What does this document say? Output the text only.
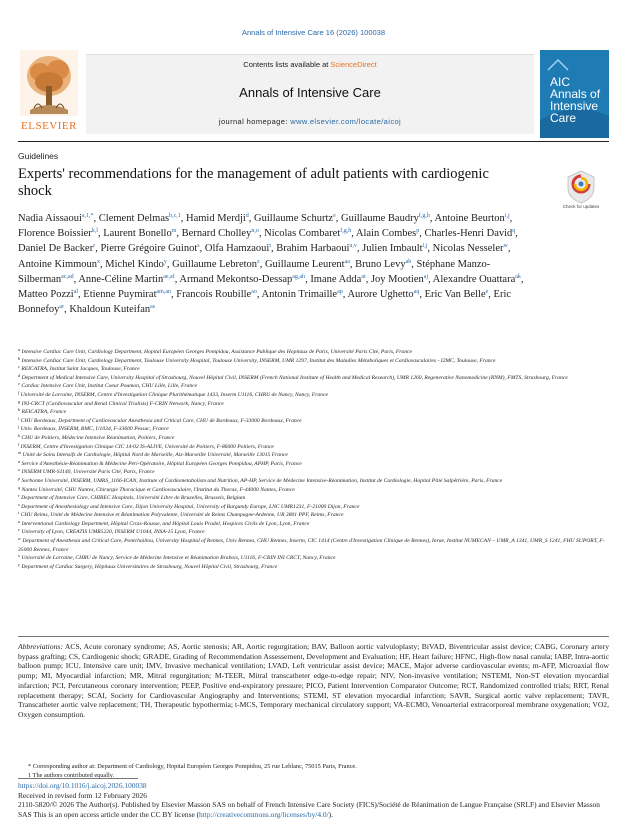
Annals of Intensive Care 16 (2026) 100038
ELSEVIER
Contents lists available at ScienceDirect
Annals of Intensive Care
journal homepage: www.elsevier.com/locate/aicoj
AIC
Annals of
Intensive
Care
Guidelines
Experts' recommendations for the management of adult patients with cardiogenic shock
Check for updates
Nadia Aissaoui$^{a,1,*}$, Clement Delmas$^{b,c,1}$, Hamid Merdji$^d$, Guillaume Schurtz$^e$, Guillaume Baudry$^{f,g,h}$, Antoine Beurton$^{i,j}$, Florence Boissier$^{k,l}$, Laurent Bonello$^m$, Bernard Cholley$^{n,o}$, Nicolas Combaret$^{f,g,h}$, Alain Combes$^p$, Charles-Henri David$^q$, Daniel De Backer$^r$, Pierre Grégoire Guinot$^s$, Olfa Hamzaoui$^t$, Brahim Harbaoui$^{u,v}$, Julien Imbault$^{i,j}$, Nicolas Nesseler$^w$, Antoine Kimmoun$^x$, Michel Kindo$^y$, Guillaume Lebreton$^z$, Guillaume Leurent$^{aa}$, Bruno Levy$^{ab}$, Stéphane Manzo-Silberman$^{ac,ad}$, Anne-Céline Martin$^{ae,af}$, Armand Mekontso-Dessap$^{ag,ah}$, Imane Adda$^{ai}$, Joy Mootien$^{aj}$, Alexandre Ouattara$^{ak}$, Matteo Pozzi$^{al}$, Etienne Puymirat$^{am,an}$, Francois Roubille$^{ao}$, Antonin Trimaille$^{ap}$, Aurore Ughetto$^{aq}$, Eric Van Belle$^e$, Eric Bonnefoy$^{ar}$, Khaldoun Kuteifan$^{as}$
$^a$ Intensive Cardiac Care Unit, Cardiology Department, Hopital Européen Georges Pompidou, Assistance Publique des Hopitaux de Paris, Université Paris Cité, Paris, France
$^b$ Intensive Cardiac Care Unit, Cardiology Department, Toulouse University Hospital, Toulouse University, INSERM, UMR 1297, Institut des Maladies Métaboliques et Cardiovasculaires - I2MC, Toulouse, France
$^c$ REICATRA, Institut Saint Jacques, Toulouse, France
$^d$ Department of Medical Intensive Care, University Hospital of Strasbourg, Nouvel Hôpital Civil, INSERM (French National Institute of Health and Medical Research), UMR 1260, Regenerative Nanomedicine (RNM), FMTS, Strasbourg, France
$^e$ Cardiac Intensive Care Unit, Institut Coeur Poumon, CHU Lille, Lille, France
$^f$ Université de Lorraine, INSERM, Centre d'Investigation Clinique Plurithématique 1433, Inserm U1116, CHRU de Nancy, Nancy, France
$^g$ INI-CRCT (Cardiovascular and Renal Clinical Trialists) F-CRIN Network, Nancy, France
$^h$ REICATRA, France
$^i$ CHU Bordeaux, Department of Cardiovascular Anesthesia and Critical Care, CHU de Bordeaux, F-33000 Bordeaux, France
$^j$ Univ. Bordeaux, INSERM, BMC, U1034, F-33600 Pessac, France
$^k$ CHU de Poitiers, Médecine Intensive Réanimation, Poitiers, France
$^l$ INSERM, Centre d'Investigation Clinique CIC 14-02 IS-ALIVE, Université de Poitiers, F-86000 Poitiers, France
$^m$ Unité de Soins Intensifs de Cardiologie, Hôpital Nord de Marseille, Aix-Marseille Université, Marseille 13015 France
$^n$ Service d'Anesthésie-Réanimation & Médecine Péri-Opératoire, Hôpital Européen Georges Pompidou, APHP, Paris, France
$^o$ INSERM UMR-S1140, Université Paris Cité, Paris, France
$^p$ Sorbonne Université, INSERM, UMRS_1166-ICAN, Institute of Cardiometabolism and Nutrition, AP-HP, Service de Médecine Intensive-Réanimation, Institut de Cardiologie, Hopital Pitié Salpêtrière, Paris, France
$^q$ Nantes Université, CHU Nantes, Chirurgie Thoracique et Cardiovasculaire, l'Institut du Thorax, F-44000 Nantes, France
$^r$ Department of Intensive Care, CHIREC Hospitals, Université Libre de Bruxelles, Brussels, Belgium
$^s$ Department of Anesthesiology and Intensive Care, Dijon University Hospital, University of Burgundy Europe, LNC UMR1231, F-21000 Dijon, France
$^t$ CHU Reims, Unité de Médecine Intensive et Réanimation Polyvalente, Université de Reims Champagne-Ardenne, UR 3801 PPF, Reims, France
$^u$ Interventional Cardiology Department, Hôpital Croix-Rousse, and Hôpital Louis Pradel, Hospices Civils de Lyon, Lyon, France
$^v$ University of Lyon, CREATIS UMR5220, INSERM U1044, INSA-15 Lyon, France
$^w$ Department of Anesthesia and Critical Care, Pontchaillou, University Hospital of Rennes, Univ Rennes, CHU Rennes, Inserm, CIC 1414 (Centre d'Investigation Clinique de Rennes), Inrae, Institut NUMECAN – UMR_A 1341, UMR_S 1241, FHU SUPORT, F-35000 Rennes, France
$^x$ Université de Lorraine, CHRU de Nancy, Service de Médecine Intensive et Réanimation Brabois, U1116, F-CRIN INI CRCT, Nancy, France
$^y$ Department of Cardiac Surgery, Hôpitaux Universitaires de Strasbourg, Nouvel Hôpital Civil, Strasbourg, France
Abbreviations: ACS, Acute coronary syndrome; AS, Aortic stenosis; AR, Aortic regurgitation; BAV, Balloon aortic valvuloplasty; BiVAD, Biventricular assist device; CABG, Coronary artery bypass grafting; CS, Cardiogenic shock; GRADE, Grading of Recommendation Assessement, Development and Evaluation; HF, Heart failure; HFNC, High-flow nasal canula; IABP, Intra-aortic balloon pump; ICU, Intensive care unit; IMV, Invasive mechanical ventilation; LVAD, Left ventricular assist device; MACE, Major adverse cardiovascular events; m-AFP, Microaxial flow pump; MI, Myocardial infarction; MR, Mitral regurgitation; M-TEER, Mitral transcatheter edge-to-edge repair; NIV, Non-invasive ventilation; NSTEMI, Non-ST elevation myocardial infarction; PCI, Percutaneous coronary intervention; PEEP, Positive end-expiratory pressure; PICO, Patient Intervention Comparator Outcome; RCT, Randomized controlled trials; RRT, Renal replacement therapy; SCAI, Society for Cardiovascular Angiography and Interventions; STEMI, ST elevation myocardial infarction; SAVR, Surgical aortic valve replacement; TAVR, Transcatheter aortic valve replacement; TH, Therapeutic hypothermia; t-MCS, Temporary mechanical circulatory support; VA-ECMO, Venoarterial extracorporeal membrane oxygenation; VO2, Oxygen consumption.
* Corresponding author at: Department of Cardiology, Hopital Européen Georges Pompidou, 25 rue Leblanc, 75015 Paris, France.
1 The authors contributed equally.
https://doi.org/10.1016/j.aicoj.2026.100038
Received in revised form 12 February 2026
2110-5820/© 2026 The Author(s). Published by Elsevier Masson SAS on behalf of French Intensive Care Society (FICS)/Société de Réanimation de Langue Française (SRLF) and Elsevier Masson SAS This is an open access article under the CC BY license (http://creativecommons.org/licenses/by/4.0/).
